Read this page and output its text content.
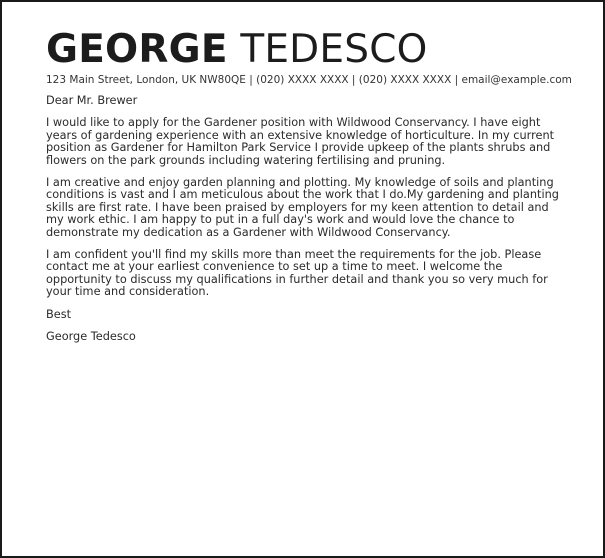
GEORGE TEDESCO
123 Main Street, London, UK NW80QE | (020) XXXX XXXX | (020) XXXX XXXX | email@example.com

Dear Mr. Brewer

I would like to apply for the Gardener position with Wildwood Conservancy. I have eight years of gardening experience with an extensive knowledge of horticulture. In my current position as Gardener for Hamilton Park Service I provide upkeep of the plants shrubs and flowers on the park grounds including watering fertilising and pruning.

I am creative and enjoy garden planning and plotting. My knowledge of soils and planting conditions is vast and I am meticulous about the work that I do.My gardening and planting skills are first rate. I have been praised by employers for my keen attention to detail and my work ethic. I am happy to put in a full day's work and would love the chance to demonstrate my dedication as a Gardener with Wildwood Conservancy.

I am confident you'll find my skills more than meet the requirements for the job. Please contact me at your earliest convenience to set up a time to meet. I welcome the opportunity to discuss my qualifications in further detail and thank you so very much for your time and consideration.

Best

George Tedesco
